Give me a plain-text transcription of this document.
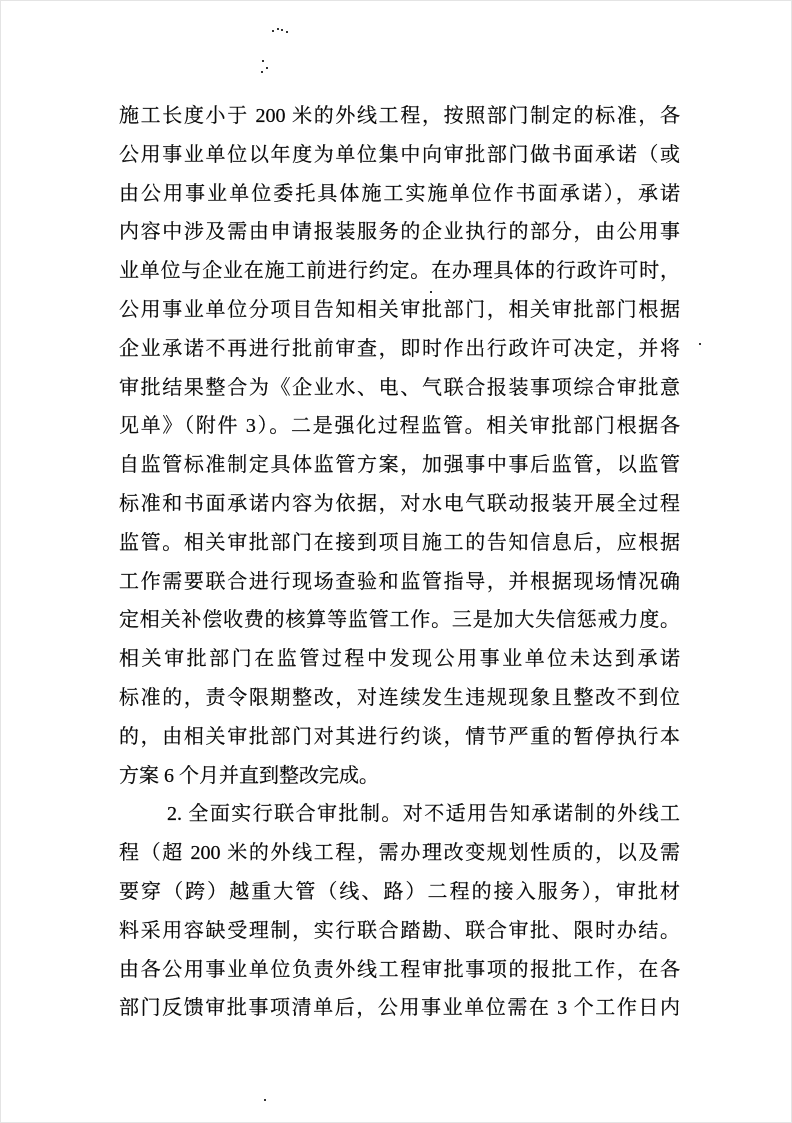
施工长度小于 200 米的外线工程，按照部门制定的标准，各
公用事业单位以年度为单位集中向审批部门做书面承诺（或
由公用事业单位委托具体施工实施单位作书面承诺），承诺
内容中涉及需由申请报装服务的企业执行的部分，由公用事
业单位与企业在施工前进行约定。在办理具体的行政许可时，
公用事业单位分项目告知相关审批部门，相关审批部门根据
企业承诺不再进行批前审查，即时作出行政许可决定，并将
审批结果整合为《企业水、电、气联合报装事项综合审批意
见单》（附件 3）。二是强化过程监管。相关审批部门根据各
自监管标准制定具体监管方案，加强事中事后监管，以监管
标准和书面承诺内容为依据，对水电气联动报装开展全过程
监管。相关审批部门在接到项目施工的告知信息后，应根据
工作需要联合进行现场查验和监管指导，并根据现场情况确
定相关补偿收费的核算等监管工作。三是加大失信惩戒力度。
相关审批部门在监管过程中发现公用事业单位未达到承诺
标准的，责令限期整改，对连续发生违规现象且整改不到位
的，由相关审批部门对其进行约谈，情节严重的暂停执行本
方案 6 个月并直到整改完成。
2. 全面实行联合审批制。对不适用告知承诺制的外线工
程（超 200 米的外线工程，需办理改变规划性质的，以及需
要穿（跨）越重大管（线、路）二程的接入服务），审批材
料采用容缺受理制，实行联合踏勘、联合审批、限时办结。
由各公用事业单位负责外线工程审批事项的报批工作，在各
部门反馈审批事项清单后，公用事业单位需在 3 个工作日内
